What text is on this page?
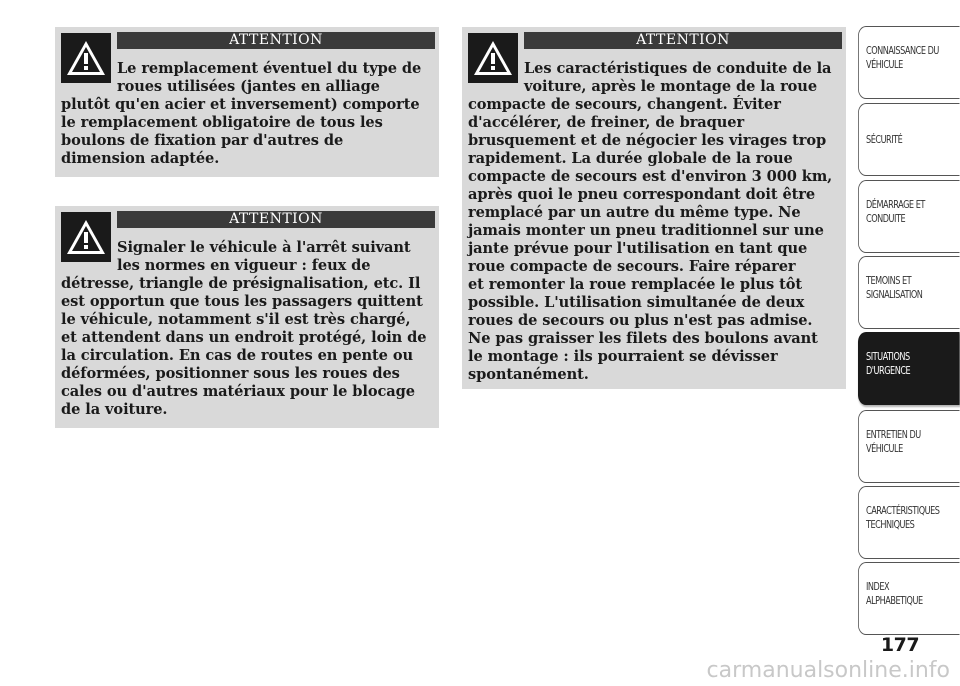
ATTENTION
Le remplacement éventuel du type de
roues utilisées (jantes en alliage
plutôt qu'en acier et inversement) comporte
le remplacement obligatoire de tous les
boulons de fixation par d'autres de
dimension adaptée.
ATTENTION
Signaler le véhicule à l'arrêt suivant
les normes en vigueur : feux de
détresse, triangle de présignalisation, etc. Il
est opportun que tous les passagers quittent
le véhicule, notamment s'il est très chargé,
et attendent dans un endroit protégé, loin de
la circulation. En cas de routes en pente ou
déformées, positionner sous les roues des
cales ou d'autres matériaux pour le blocage
de la voiture.
ATTENTION
Les caractéristiques de conduite de la
voiture, après le montage de la roue
compacte de secours, changent. Éviter
d'accélérer, de freiner, de braquer
brusquement et de négocier les virages trop
rapidement. La durée globale de la roue
compacte de secours est d'environ 3 000 km,
après quoi le pneu correspondant doit être
remplacé par un autre du même type. Ne
jamais monter un pneu traditionnel sur une
jante prévue pour l'utilisation en tant que
roue compacte de secours. Faire réparer
et remonter la roue remplacée le plus tôt
possible. L'utilisation simultanée de deux
roues de secours ou plus n'est pas admise.
Ne pas graisser les filets des boulons avant
le montage : ils pourraient se dévisser
spontanément.
CONNAISSANCE DU
VÉHICULE
SÉCURITÉ
DÉMARRAGE ET
CONDUITE
TEMOINS ET
SIGNALISATION
SITUATIONS
D'URGENCE
ENTRETIEN DU
VÉHICULE
CARACTÉRISTIQUES
TECHNIQUES
INDEX
ALPHABETIQUE
177
carmanualsonline.info
